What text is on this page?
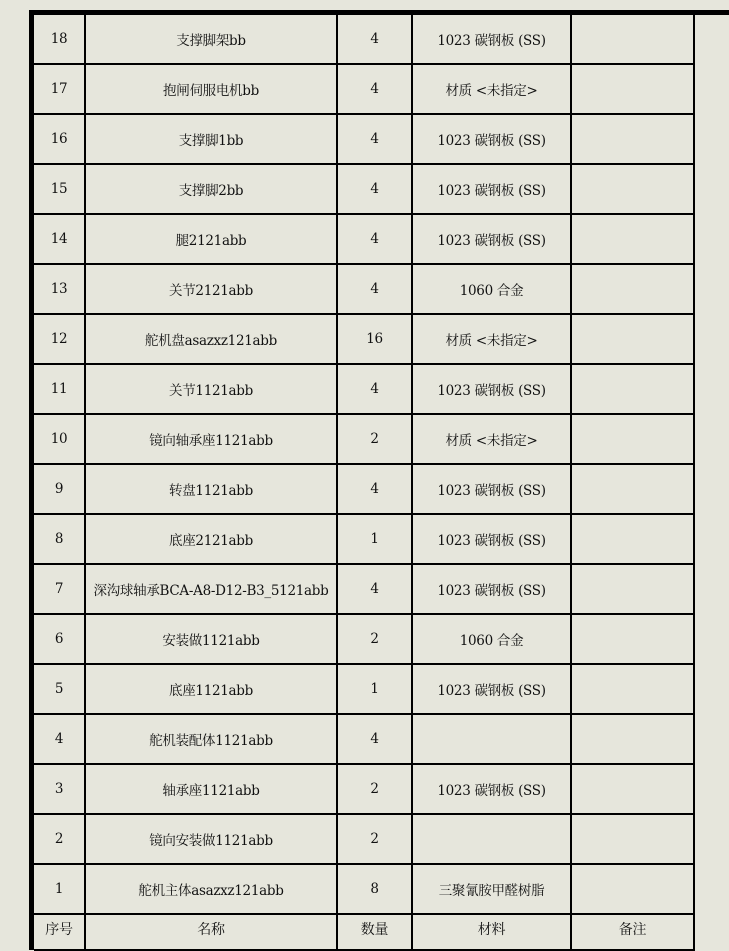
18	支撑脚架bb	4	1023 碳钢板 (SS)	
17	抱闸伺服电机bb	4	材质 <未指定>	
16	支撑脚1bb	4	1023 碳钢板 (SS)	
15	支撑脚2bb	4	1023 碳钢板 (SS)	
14	腿2121abb	4	1023 碳钢板 (SS)	
13	关节2121abb	4	1060 合金	
12	舵机盘asazxz121abb	16	材质 <未指定>	
11	关节1121abb	4	1023 碳钢板 (SS)	
10	镜向轴承座1121abb	2	材质 <未指定>	
9	转盘1121abb	4	1023 碳钢板 (SS)	
8	底座2121abb	1	1023 碳钢板 (SS)	
7	深沟球轴承BCA-A8-D12-B3_5121abb	4	1023 碳钢板 (SS)	
6	安装做1121abb	2	1060 合金	
5	底座1121abb	1	1023 碳钢板 (SS)	
4	舵机装配体1121abb	4		
3	轴承座1121abb	2	1023 碳钢板 (SS)	
2	镜向安装做1121abb	2		
1	舵机主体asazxz121abb	8	三聚氰胺甲醛树脂	
序号	名称	数量	材料	备注
